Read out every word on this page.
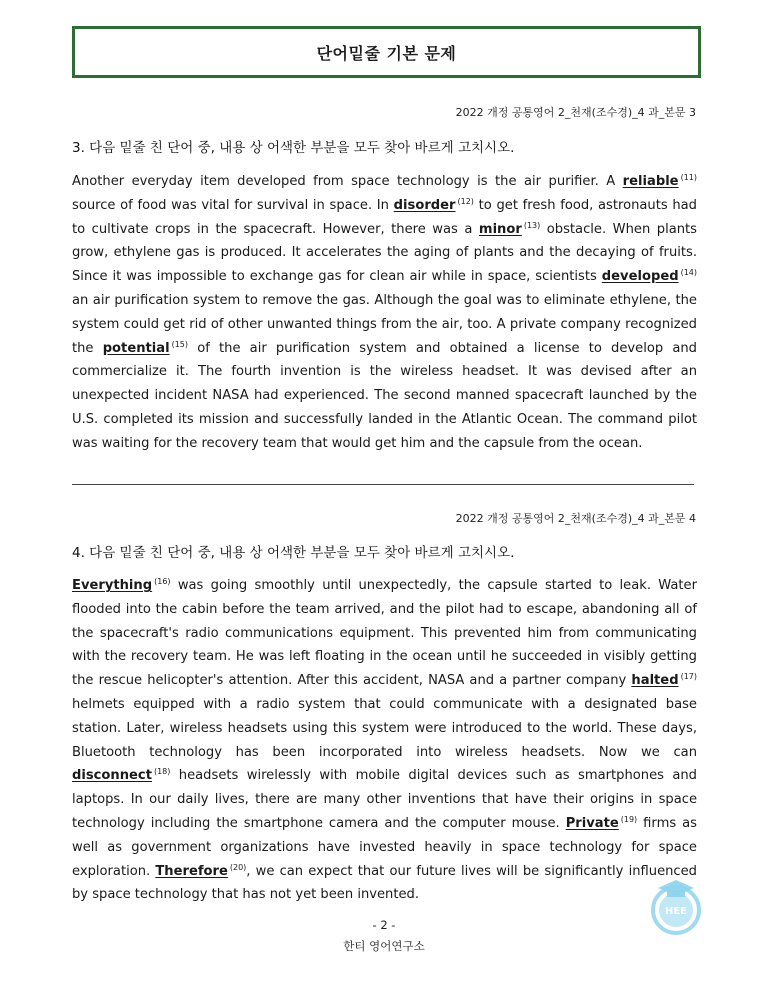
단어밑줄 기본 문제
2022 개정 공통영어 2_천재(조수경)_4 과_본문 3
3. 다음 밑줄 친 단어 중, 내용 상 어색한 부분을 모두 찾아 바르게 고치시오.
Another everyday item developed from space technology is the air purifier. A reliable $^{(11)}$ source of food was vital for survival in space. In disorder $^{(12)}$ to get fresh food, astronauts had to cultivate crops in the spacecraft. However, there was a minor $^{(13)}$ obstacle. When plants grow, ethylene gas is produced. It accelerates the aging of plants and the decaying of fruits. Since it was impossible to exchange gas for clean air while in space, scientists developed $^{(14)}$ an air purification system to remove the gas. Although the goal was to eliminate ethylene, the system could get rid of other unwanted things from the air, too. A private company recognized the potential $^{(15)}$ of the air purification system and obtained a license to develop and commercialize it. The fourth invention is the wireless headset. It was devised after an unexpected incident NASA had experienced. The second manned spacecraft launched by the U.S. completed its mission and successfully landed in the Atlantic Ocean. The command pilot was waiting for the recovery team that would get him and the capsule from the ocean.
2022 개정 공통영어 2_천재(조수경)_4 과_본문 4
4. 다음 밑줄 친 단어 중, 내용 상 어색한 부분을 모두 찾아 바르게 고치시오.
Everything $^{(16)}$ was going smoothly until unexpectedly, the capsule started to leak. Water flooded into the cabin before the team arrived, and the pilot had to escape, abandoning all of the spacecraft's radio communications equipment. This prevented him from communicating with the recovery team. He was left floating in the ocean until he succeeded in visibly getting the rescue helicopter's attention. After this accident, NASA and a partner company halted $^{(17)}$ helmets equipped with a radio system that could communicate with a designated base station. Later, wireless headsets using this system were introduced to the world. These days, Bluetooth technology has been incorporated into wireless headsets. Now we can disconnect $^{(18)}$ headsets wirelessly with mobile digital devices such as smartphones and laptops. In our daily lives, there are many other inventions that have their origins in space technology including the smartphone camera and the computer mouse. Private $^{(19)}$ firms as well as government organizations have invested heavily in space technology for space exploration. Therefore $^{(20)}$, we can expect that our future lives will be significantly influenced by space technology that has not yet been invented.
- 2 -
한티 영어연구소
HEE
